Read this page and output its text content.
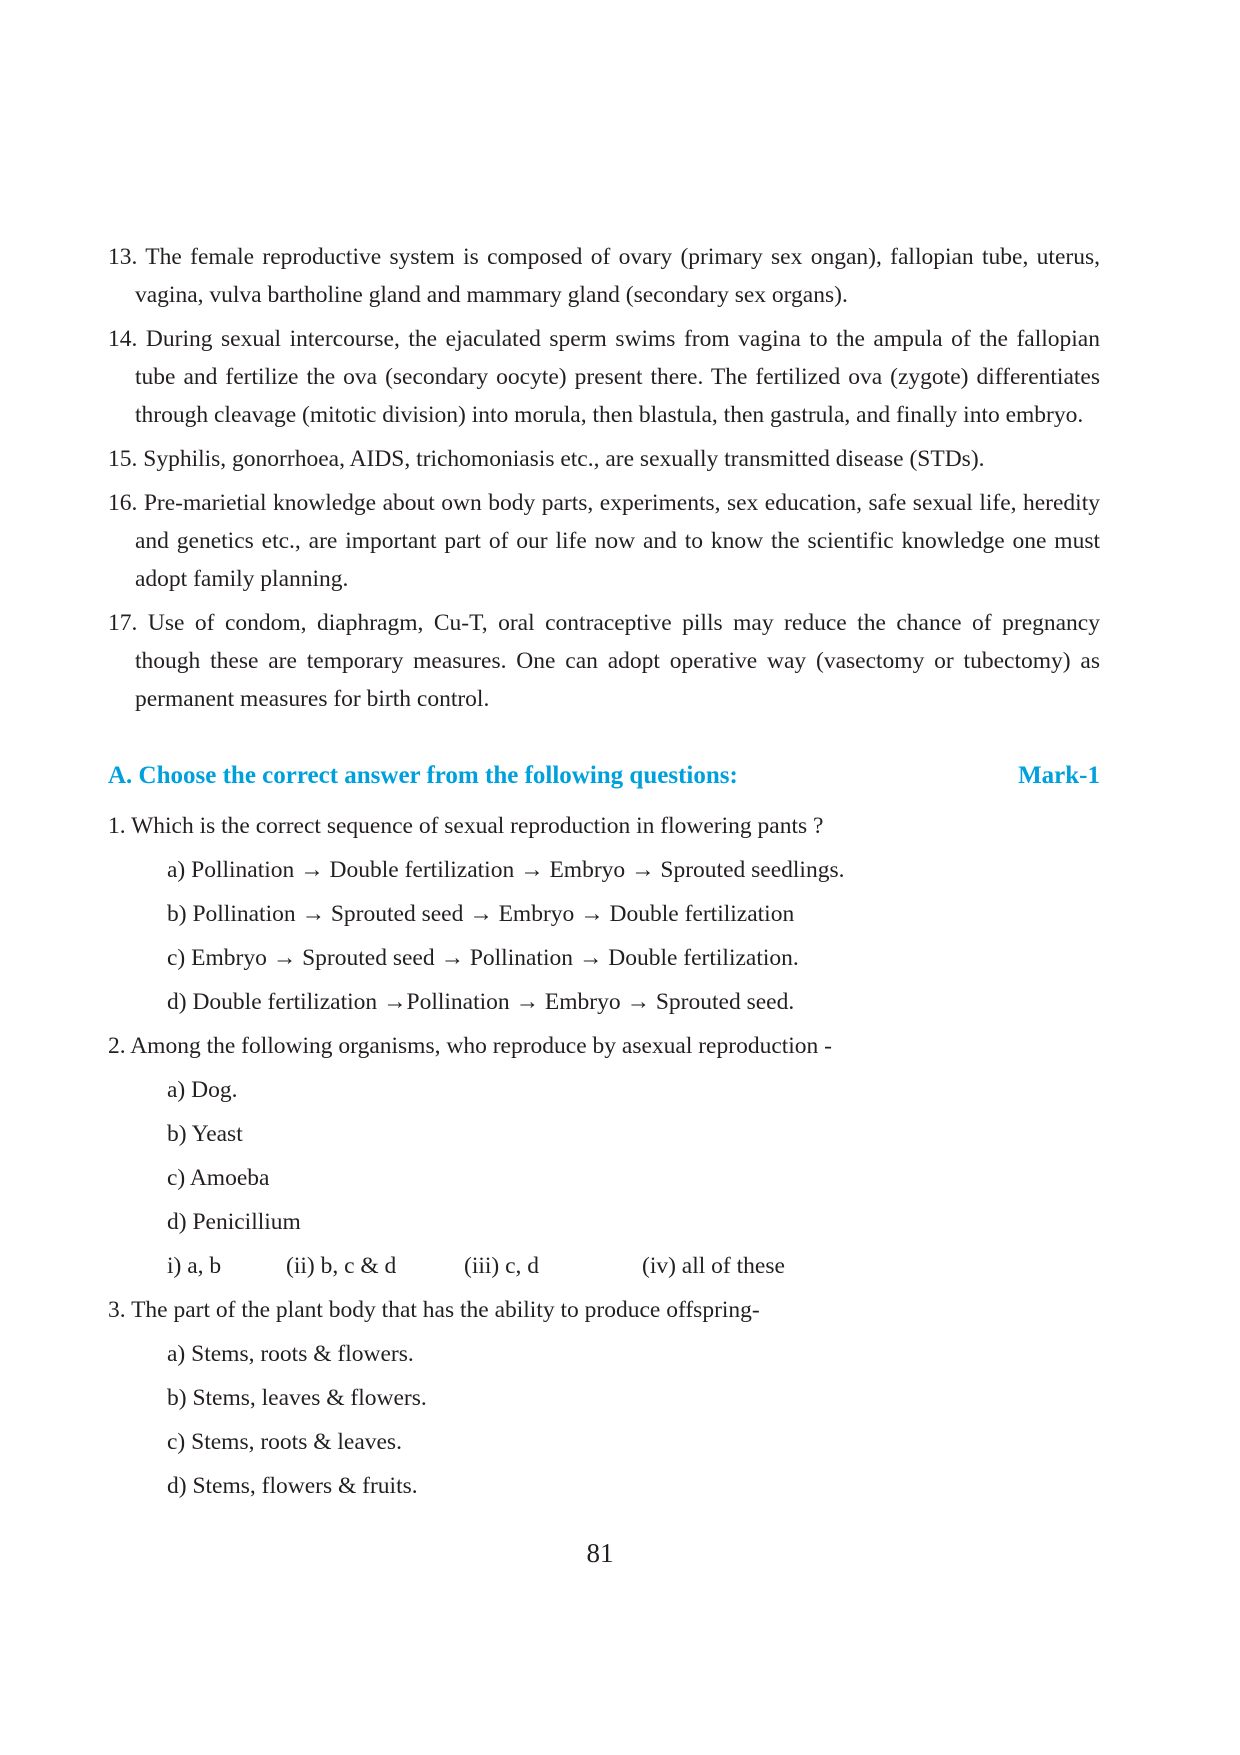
13. The female reproductive system is composed of ovary (primary sex ongan), fallopian tube, uterus, vagina, vulva bartholine gland and mammary gland (secondary sex organs).

14. During sexual intercourse, the ejaculated sperm swims from vagina to the ampula of the fallopian tube and fertilize the ova (secondary oocyte) present there. The fertilized ova (zygote) differentiates through cleavage (mitotic division) into morula, then blastula, then gastrula, and finally into embryo.

15. Syphilis, gonorrhoea, AIDS, trichomoniasis etc., are sexually transmitted disease (STDs).

16. Pre-marietial knowledge about own body parts, experiments, sex education, safe sexual life, heredity and genetics etc., are important part of our life now and to know the scientific knowledge one must adopt family planning.

17. Use of condom, diaphragm, Cu-T, oral contraceptive pills may reduce the chance of pregnancy though these are temporary measures. One can adopt operative way (vasectomy or tubectomy) as permanent measures for birth control.

A. Choose the correct answer from the following questions:	Mark-1

1. Which is the correct sequence of sexual reproduction in flowering pants ?

a) Pollination → Double fertilization → Embryo → Sprouted seedlings.

b) Pollination → Sprouted seed → Embryo → Double fertilization

c) Embryo → Sprouted seed → Pollination → Double fertilization.

d) Double fertilization →Pollination → Embryo → Sprouted seed.

2. Among the following organisms, who reproduce by asexual reproduction -

a) Dog.

b) Yeast

c) Amoeba

d) Penicillium

i) a, b	(ii) b, c & d	(iii) c, d	(iv) all of these

3. The part of the plant body that has the ability to produce offspring-

a) Stems, roots & flowers.

b) Stems, leaves & flowers.

c) Stems, roots & leaves.

d) Stems, flowers & fruits.

81
